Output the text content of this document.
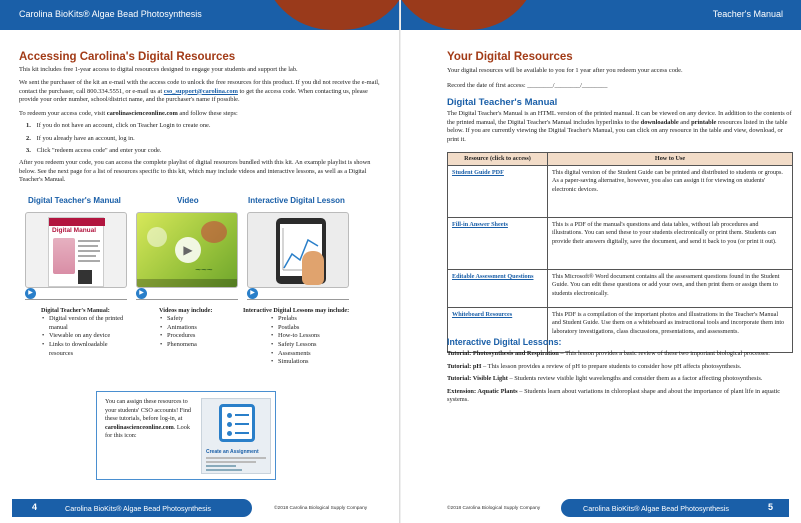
Carolina BioKits® Algae Bead Photosynthesis
Accessing Carolina's Digital Resources

This kit includes free 1-year access to digital resources designed to engage your students and support the lab.

We sent the purchaser of the kit an e-mail with the access code to unlock the free resources for this product. If you did not receive the e-mail, contact the purchaser, call 800.334.5551, or e-mail us at cso_support@carolina.com to get the access code. When contacting us, please provide your order number, school/district name, and the purchaser's name if possible.

To redeem your access code, visit carolinascienceonline.com and follow these steps:

1. If you do not have an account, click on Teacher Login to create one.
2. If you already have an account, log in.
3. Click "redeem access code" and enter your code.

After you redeem your code, you can access the complete playlist of digital resources bundled with this kit. An example playlist is shown below. See the next page for a list of resources specific to this kit, which may include videos and interactive lessons, as well as a Digital Teacher's Manual.

Digital Teacher's Manual	Video	Interactive Digital Lesson
Digital Manual
▶
▶
~~~
▶	▶
Digital Teacher's Manual:
• Digital version of the printed manual
• Viewable on any device
• Links to downloadable resources
Videos may include:
• Safety
• Animations
• Procedures
• Phenomena
Interactive Digital Lessons may include:
• Prelabs
• Postlabs
• How-to Lessons
• Safety Lessons
• Assessments
• Simulations

You can assign these resources to your students' CSO accounts! Find these tutorials, before log-in, at carolinascienceonline.com. Look for this icon:

Create an Assignment
4	Carolina BioKits® Algae Bead Photosynthesis	©2018 Carolina Biological Supply Company
Teacher's Manual
Your Digital Resources

Your digital resources will be available to you for 1 year after you redeem your access code.

Record the date of first access: ________/________/________

Digital Teacher's Manual

The Digital Teacher's Manual is an HTML version of the printed manual. It can be viewed on any device. In addition to the contents of the printed manual, the Digital Teacher's Manual includes hyperlinks to the downloadable and printable resources listed in the table below. If you are currently viewing the Digital Teacher's Manual, you can click on any resource in the table and view, download, or print it.

Resource (click to access)	How to Use
Student Guide PDF	This digital version of the Student Guide can be printed and distributed to students or groups. As a paper-saving alternative, however, you also can assign it for viewing on students' electronic devices.
Fill-in Answer Sheets	This is a PDF of the manual's questions and data tables, without lab procedures and illustrations. You can send these to your students electronically or print them. Students can provide their answers digitally, save the document, and send it back to you (or print it out).
Editable Assessment Questions	This Microsoft® Word document contains all the assessment questions found in the Student Guide. You can edit these questions or add your own, and then print them or assign them to students electronically.
Whiteboard Resources	This PDF is a compilation of the important photos and illustrations in the Teacher's Manual and Student Guide. Use them on a whiteboard as instructional tools and incorporate them into laboratory investigations, class discussions, presentations, and assessments.
Interactive Digital Lessons:

Tutorial: Photosynthesis and Respiration – This lesson provides a basic review of these two important biological processes.

Tutorial: pH – This lesson provides a review of pH to prepare students to consider how pH affects photosynthesis.

Tutorial: Visible Light – Students review visible light wavelengths and consider them as a factor affecting photosynthesis.

Extension: Aquatic Plants – Students learn about variations in chloroplast shape and about the importance of plant life in aquatic systems.

©2018 Carolina Biological Supply Company	Carolina BioKits® Algae Bead Photosynthesis	5
